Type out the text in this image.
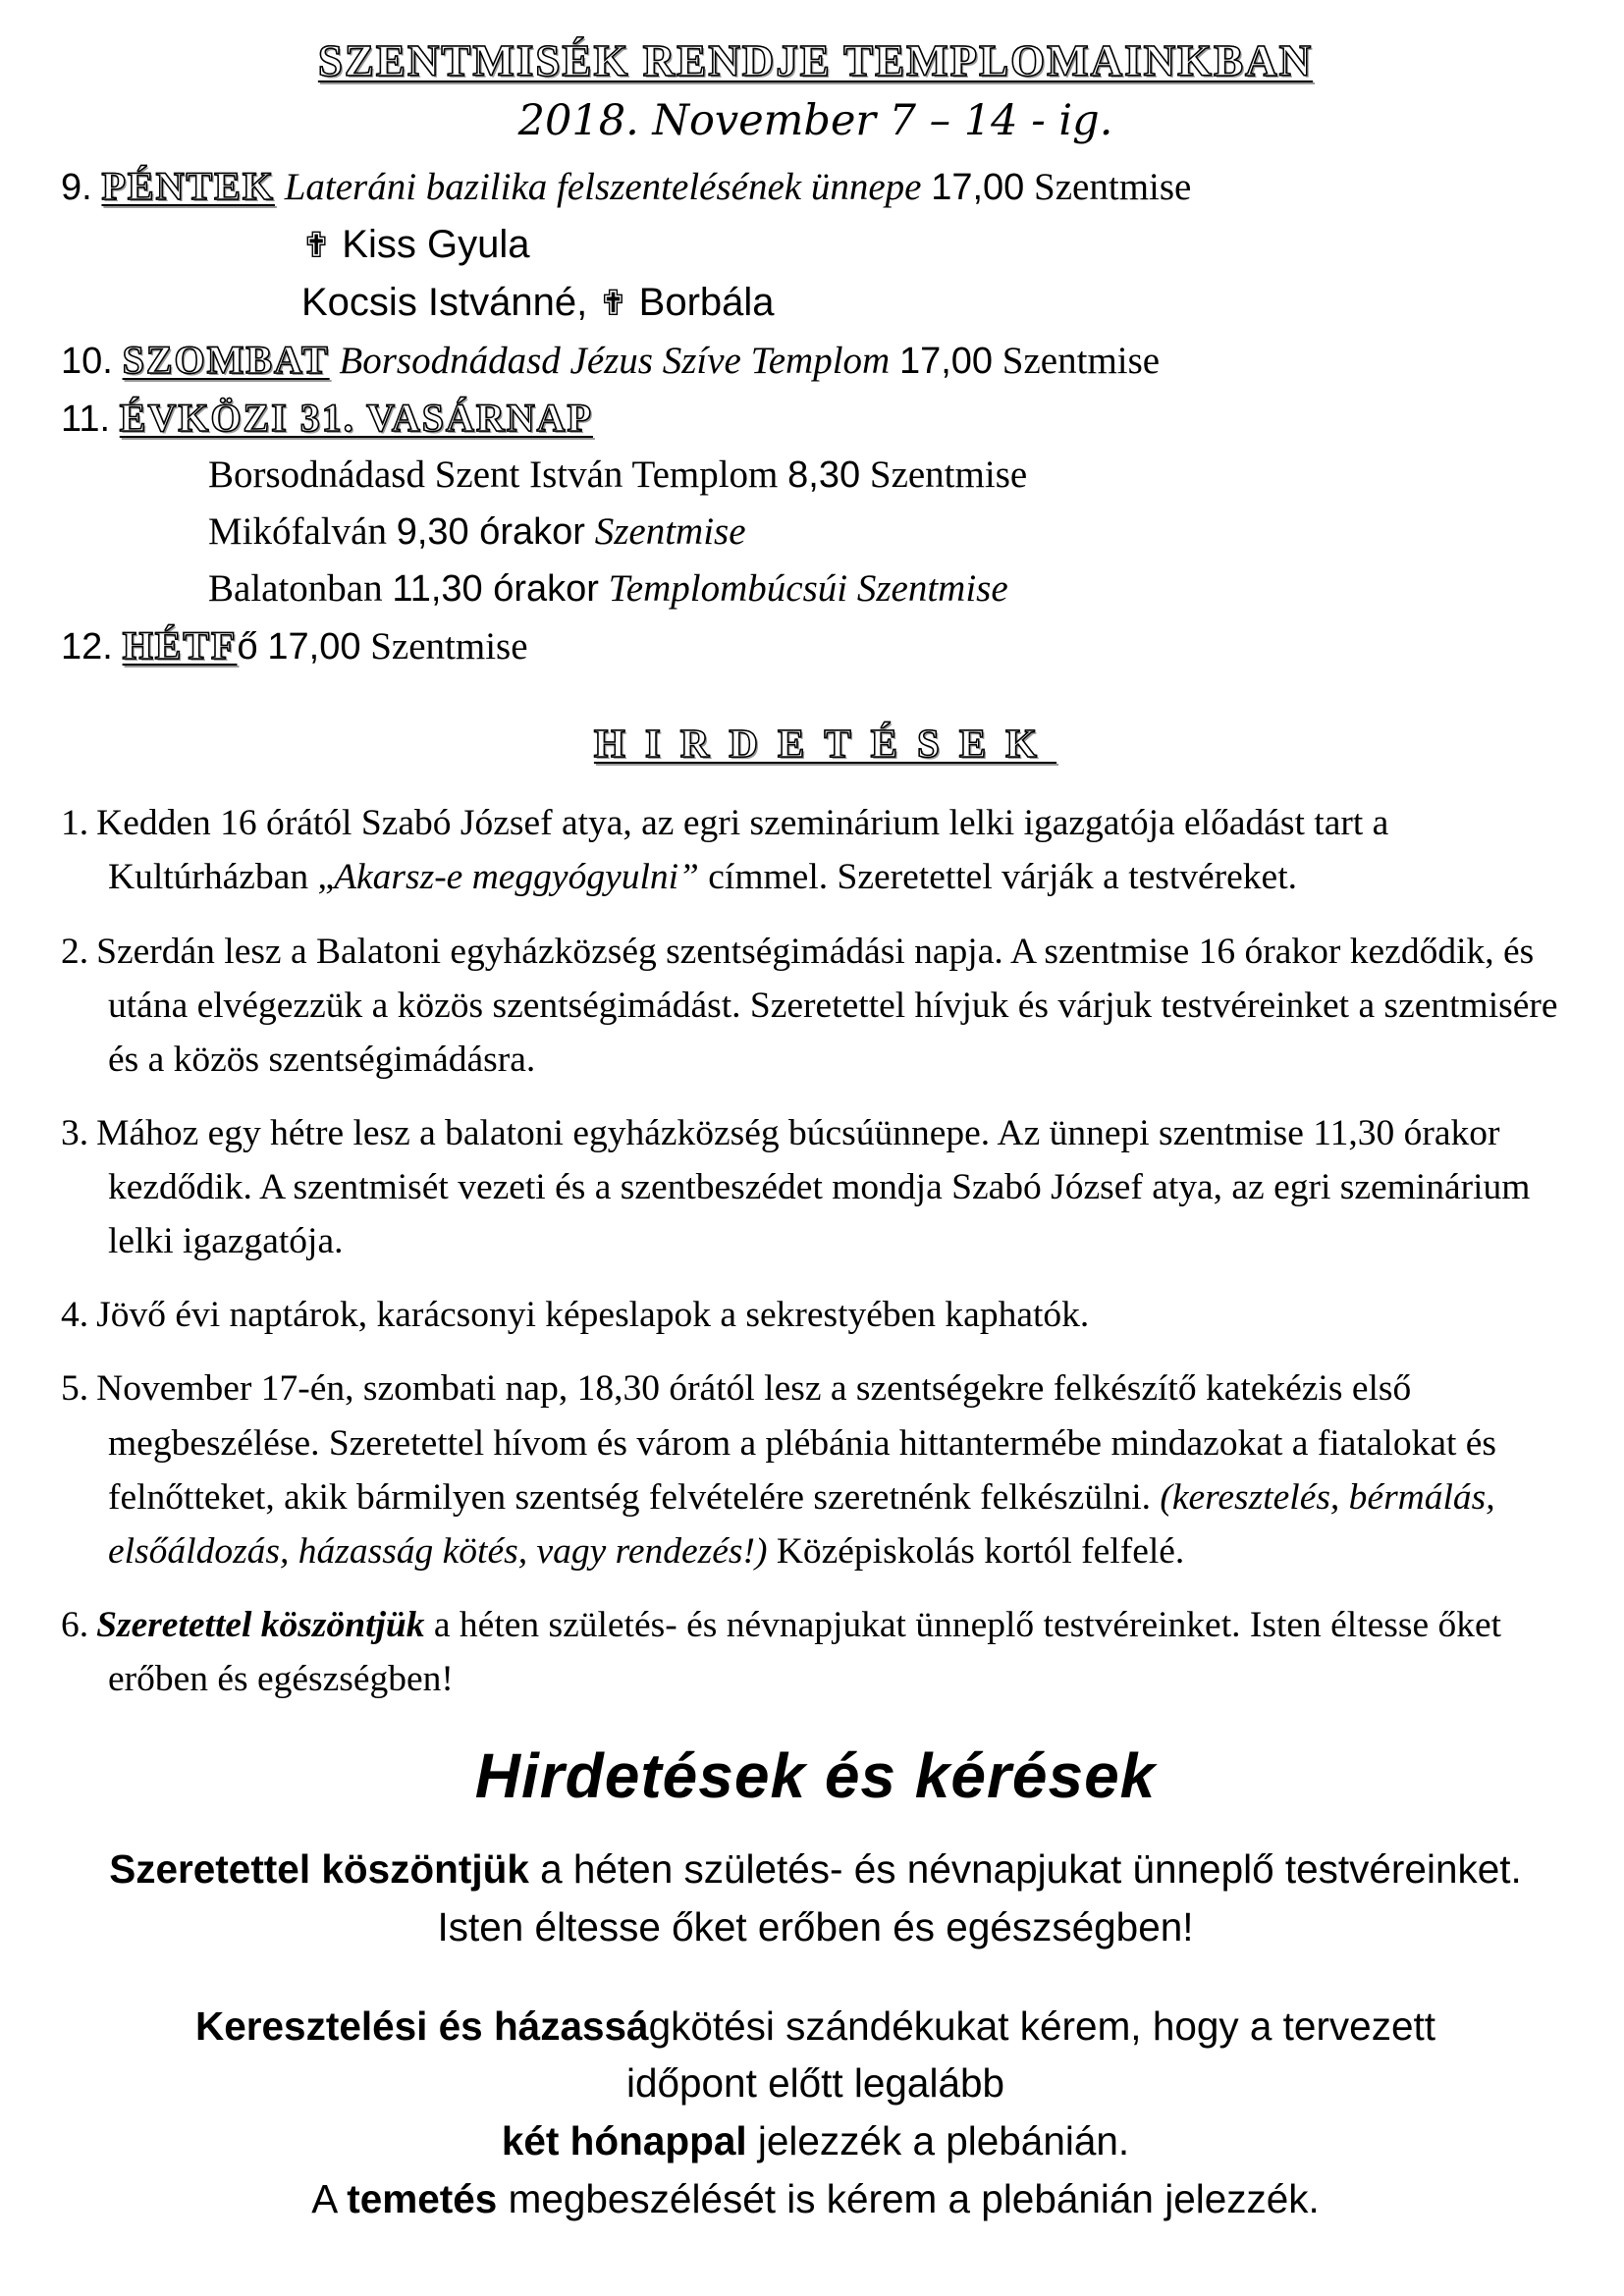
SZENTMISÉK RENDJE TEMPLOMAINKBAN
2018. November 7 – 14 - ig.
9. PÉNTEK Lateráni bazilika felszentelésének ünnepe 17,00 Szentmise
✟ Kiss Gyula
Kocsis Istvánné, ✟ Borbála
10. SZOMBAT Borsodnádasd Jézus Szíve Templom 17,00 Szentmise
11. ÉVKÖZI 31. VASÁRNAP
Borsodnádasd Szent István Templom 8,30 Szentmise
Mikófalván 9,30 órakor Szentmise
Balatonban 11,30 órakor Templombúcsúi Szentmise
12. HÉTFő 17,00 Szentmise
HIRDETÉSEK
1. Kedden 16 órától Szabó József atya, az egri szeminárium lelki igazgatója előadást tart a Kultúrházban „Akarsz-e meggyógyulni” címmel. Szeretettel várják a testvéreket.
2. Szerdán lesz a Balatoni egyházközség szentségimádási napja. A szentmise 16 órakor kezdődik, és utána elvégezzük a közös szentségimádást. Szeretettel hívjuk és várjuk testvéreinket a szentmisére és a közös szentségimádásra.
3. Mához egy hétre lesz a balatoni egyházközség búcsúünnepe. Az ünnepi szentmise 11,30 órakor kezdődik. A szentmisét vezeti és a szentbeszédet mondja Szabó József atya, az egri szeminárium lelki igazgatója.
4. Jövő évi naptárok, karácsonyi képeslapok a sekrestyében kaphatók.
5. November 17-én, szombati nap, 18,30 órától lesz a szentségekre felkészítő katekézis első megbeszélése. Szeretettel hívom és várom a plébánia hittantermébe mindazokat a fiatalokat és felnőtteket, akik bármilyen szentség felvételére szeretnénk felkészülni. (keresztelés, bérmálás, elsőáldozás, házasság kötés, vagy rendezés!) Középiskolás kortól felfelé.
6. Szeretettel köszöntjük a héten születés- és névnapjukat ünneplő testvéreinket. Isten éltesse őket erőben és egészségben!
Hirdetések és kérések
Szeretettel köszöntjük a héten születés- és névnapjukat ünneplő testvéreinket.
Isten éltesse őket erőben és egészségben!
Keresztelési és házasságkötési szándékukat kérem, hogy a tervezett
időpont előtt legalább
két hónappal jelezzék a plebánián.
A temetés megbeszélését is kérem a plebánián jelezzék.
